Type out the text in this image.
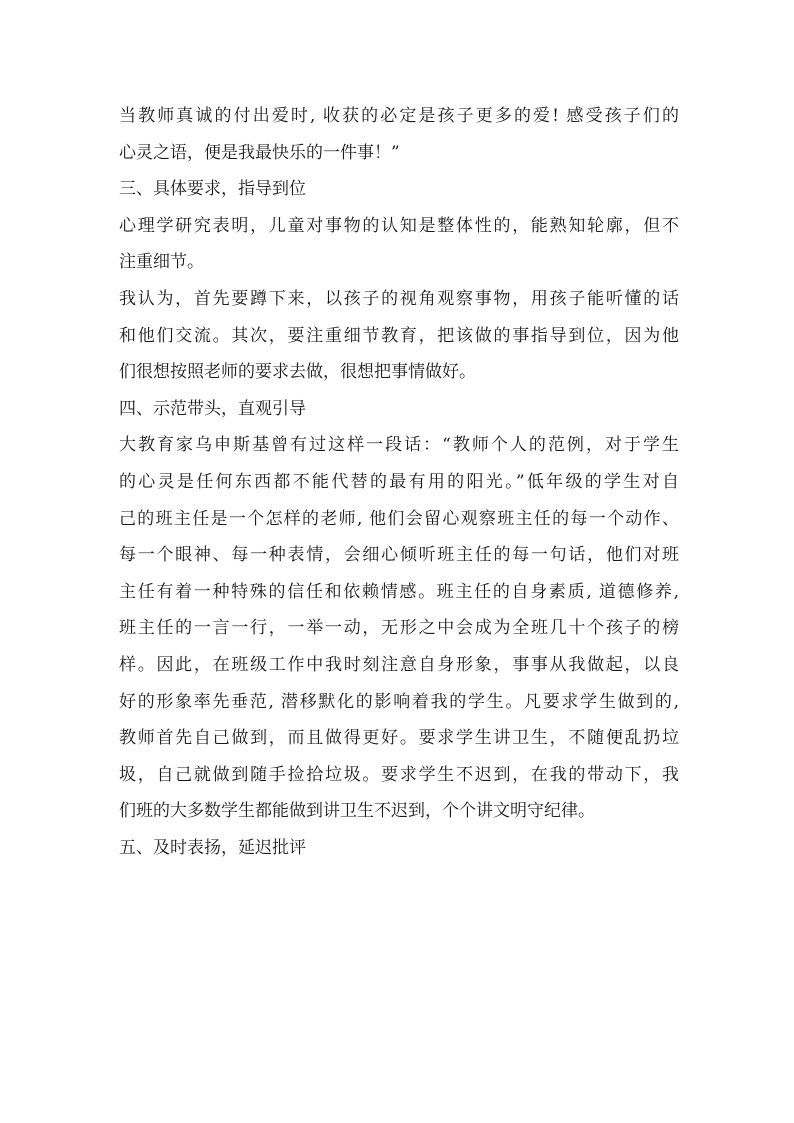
当教师真诚的付出爱时, 收获的必定是孩子更多的爱! 感受孩子们的
心灵之语，便是我最快乐的一件事！”
三、具体要求，指导到位
心理学研究表明，儿童对事物的认知是整体性的，能熟知轮廓，但不
注重细节。
我认为，首先要蹲下来，以孩子的视角观察事物，用孩子能听懂的话
和他们交流。其次，要注重细节教育，把该做的事指导到位，因为他
们很想按照老师的要求去做，很想把事情做好。
四、示范带头，直观引导
大教育家乌申斯基曾有过这样一段话：“教师个人的范例，对于学生
的心灵是任何东西都不能代替的最有用的阳光。”低年级的学生对自
己的班主任是一个怎样的老师, 他们会留心观察班主任的每一个动作、
每一个眼神、每一种表情，会细心倾听班主任的每一句话，他们对班
主任有着一种特殊的信任和依赖情感。班主任的自身素质, 道德修养,
班主任的一言一行，一举一动，无形之中会成为全班几十个孩子的榜
样。因此，在班级工作中我时刻注意自身形象，事事从我做起，以良
好的形象率先垂范, 潜移默化的影响着我的学生。凡要求学生做到的,
教师首先自己做到，而且做得更好。要求学生讲卫生，不随便乱扔垃
圾，自己就做到随手捡拾垃圾。要求学生不迟到，在我的带动下，我
们班的大多数学生都能做到讲卫生不迟到，个个讲文明守纪律。
五、及时表扬，延迟批评
